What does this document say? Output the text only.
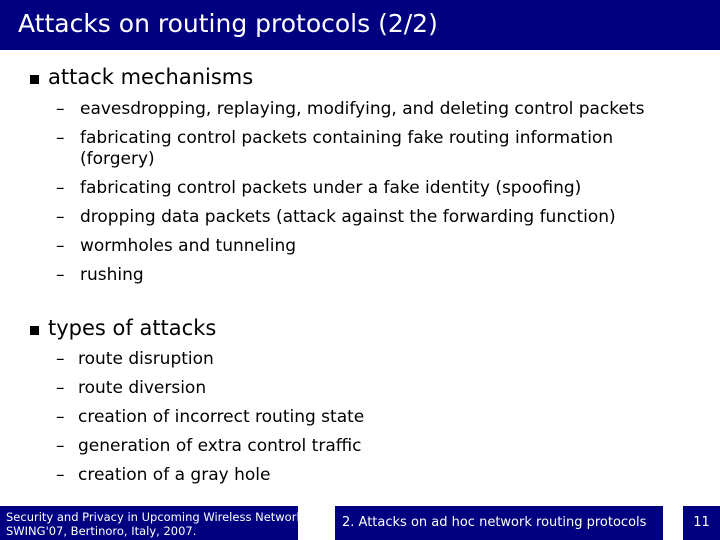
Attacks on routing protocols (2/2)
attack mechanisms
– eavesdropping, replaying, modifying, and deleting control packets
– fabricating control packets containing fake routing information
(forgery)
– fabricating control packets under a fake identity (spoofing)
– dropping data packets (attack against the forwarding function)
– wormholes and tunneling
– rushing
types of attacks
– route disruption
– route diversion
– creation of incorrect routing state
– generation of extra control traffic
– creation of a gray hole
Security and Privacy in Upcoming Wireless Networks
SWING'07, Bertinoro, Italy, 2007.
2. Attacks on ad hoc network routing protocols	11
